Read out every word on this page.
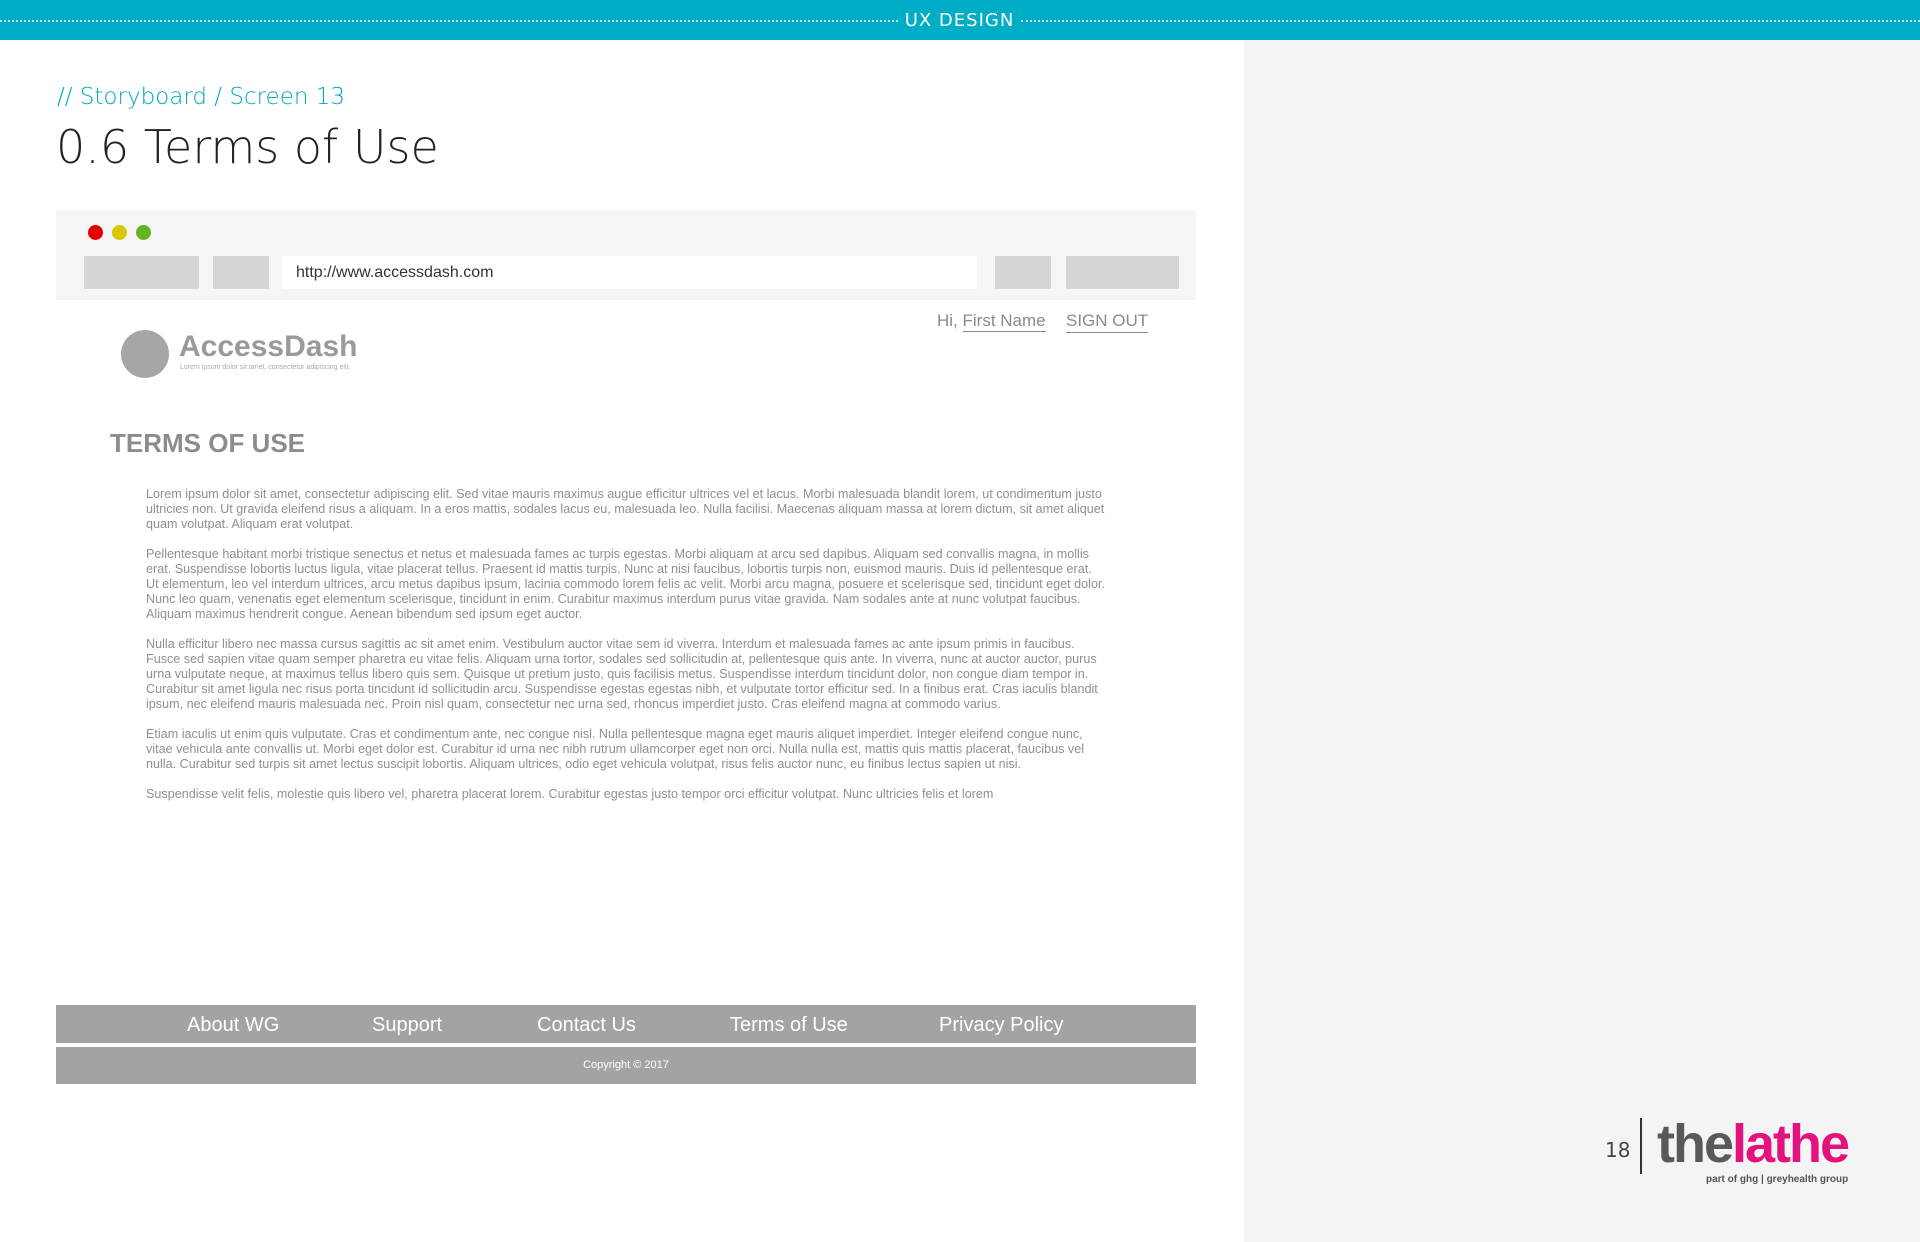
UX DESIGN
// Storyboard / Screen 13
0.6 Terms of Use
http://www.accessdash.com
AccessDash
Lorem ipsum dolor sit amet, consectetur adipiscing elit.
Hi, First Name SIGN OUT
TERMS OF USE

Lorem ipsum dolor sit amet, consectetur adipiscing elit. Sed vitae mauris maximus augue efficitur ultrices vel et lacus. Morbi malesuada blandit lorem, ut condimentum justo ultricies non. Ut gravida eleifend risus a aliquam. In a eros mattis, sodales lacus eu, malesuada leo. Nulla facilisi. Maecenas aliquam massa at lorem dictum, sit amet aliquet quam volutpat. Aliquam erat volutpat.

Pellentesque habitant morbi tristique senectus et netus et malesuada fames ac turpis egestas. Morbi aliquam at arcu sed dapibus. Aliquam sed convallis magna, in mollis erat. Suspendisse lobortis luctus ligula, vitae placerat tellus. Praesent id mattis turpis. Nunc at nisi faucibus, lobortis turpis non, euismod mauris. Duis id pellentesque erat. Ut elementum, leo vel interdum ultrices, arcu metus dapibus ipsum, lacinia commodo lorem felis ac velit. Morbi arcu magna, posuere et scelerisque sed, tincidunt eget dolor. Nunc leo quam, venenatis eget elementum scelerisque, tincidunt in enim. Curabitur maximus interdum purus vitae gravida. Nam sodales ante at nunc volutpat faucibus. Aliquam maximus hendrerit congue. Aenean bibendum sed ipsum eget auctor.

Nulla efficitur libero nec massa cursus sagittis ac sit amet enim. Vestibulum auctor vitae sem id viverra. Interdum et malesuada fames ac ante ipsum primis in faucibus. Fusce sed sapien vitae quam semper pharetra eu vitae felis. Aliquam urna tortor, sodales sed sollicitudin at, pellentesque quis ante. In viverra, nunc at auctor auctor, purus urna vulputate neque, at maximus tellus libero quis sem. Quisque ut pretium justo, quis facilisis metus. Suspendisse interdum tincidunt dolor, non congue diam tempor in. Curabitur sit amet ligula nec risus porta tincidunt id sollicitudin arcu. Suspendisse egestas egestas nibh, et vulputate tortor efficitur sed. In a finibus erat. Cras iaculis blandit ipsum, nec eleifend mauris malesuada nec. Proin nisl quam, consectetur nec urna sed, rhoncus imperdiet justo. Cras eleifend magna at commodo varius.

Etiam iaculis ut enim quis vulputate. Cras et condimentum ante, nec congue nisl. Nulla pellentesque magna eget mauris aliquet imperdiet. Integer eleifend congue nunc, vitae vehicula ante convallis ut. Morbi eget dolor est. Curabitur id urna nec nibh rutrum ullamcorper eget non orci. Nulla nulla est, mattis quis mattis placerat, faucibus vel nulla. Curabitur sed turpis sit amet lectus suscipit lobortis. Aliquam ultrices, odio eget vehicula volutpat, risus felis auctor nunc, eu finibus lectus sapien ut nisi.

Suspendisse velit felis, molestie quis libero vel, pharetra placerat lorem. Curabitur egestas justo tempor orci efficitur volutpat. Nunc ultricies felis et lorem

About WG	Support	Contact Us	Terms of Use	Privacy Policy
Copyright © 2017
18 thelathe
part of ghg | greyhealth group
